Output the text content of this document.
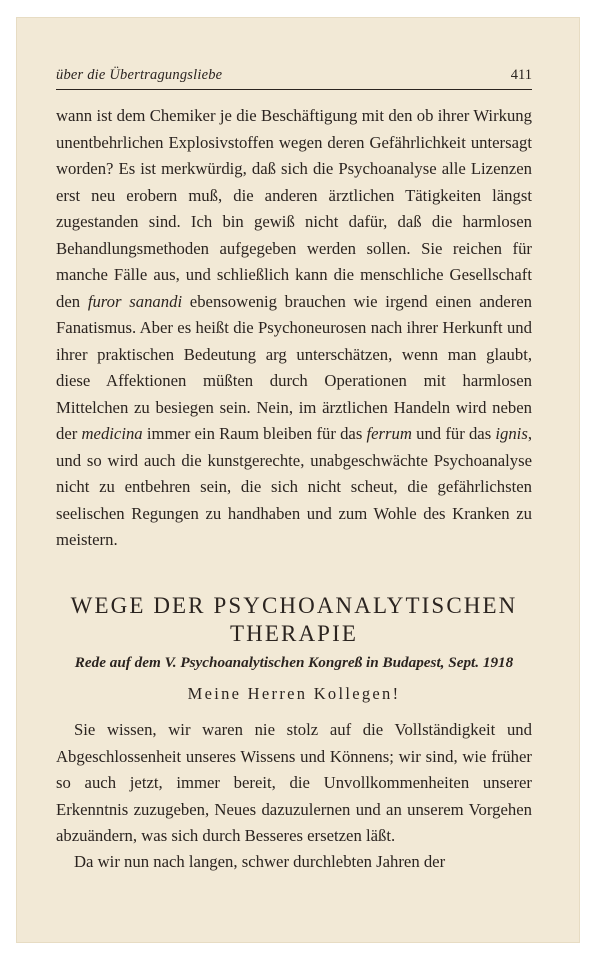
über die Übertragungsliebe	411
wann ist dem Chemiker je die Beschäftigung mit den ob ihrer Wirkung unentbehrlichen Explosivstoffen wegen deren Gefährlichkeit untersagt worden? Es ist merkwürdig, daß sich die Psychoanalyse alle Lizenzen erst neu erobern muß, die anderen ärztlichen Tätigkeiten längst zugestanden sind. Ich bin gewiß nicht dafür, daß die harmlosen Behandlungsmethoden aufgegeben werden sollen. Sie reichen für manche Fälle aus, und schließlich kann die menschliche Gesellschaft den furor sanandi ebensowenig brauchen wie irgend einen anderen Fanatismus. Aber es heißt die Psychoneurosen nach ihrer Herkunft und ihrer praktischen Bedeutung arg unterschätzen, wenn man glaubt, diese Affektionen müßten durch Operationen mit harmlosen Mittelchen zu besiegen sein. Nein, im ärztlichen Handeln wird neben der medicina immer ein Raum bleiben für das ferrum und für das ignis, und so wird auch die kunstgerechte, unabgeschwächte Psychoanalyse nicht zu entbehren sein, die sich nicht scheut, die gefährlichsten seelischen Regungen zu handhaben und zum Wohle des Kranken zu meistern.
WEGE DER PSYCHOANALYTISCHEN
THERAPIE
Rede auf dem V. Psychoanalytischen Kongreß in Budapest, Sept. 1918
Meine Herren Kollegen!
Sie wissen, wir waren nie stolz auf die Vollständigkeit und Abgeschlossenheit unseres Wissens und Könnens; wir sind, wie früher so auch jetzt, immer bereit, die Unvollkommenheiten unserer Erkenntnis zuzugeben, Neues dazuzulernen und an unserem Vorgehen abzuändern, was sich durch Besseres ersetzen läßt.
Da wir nun nach langen, schwer durchlebten Jahren der
